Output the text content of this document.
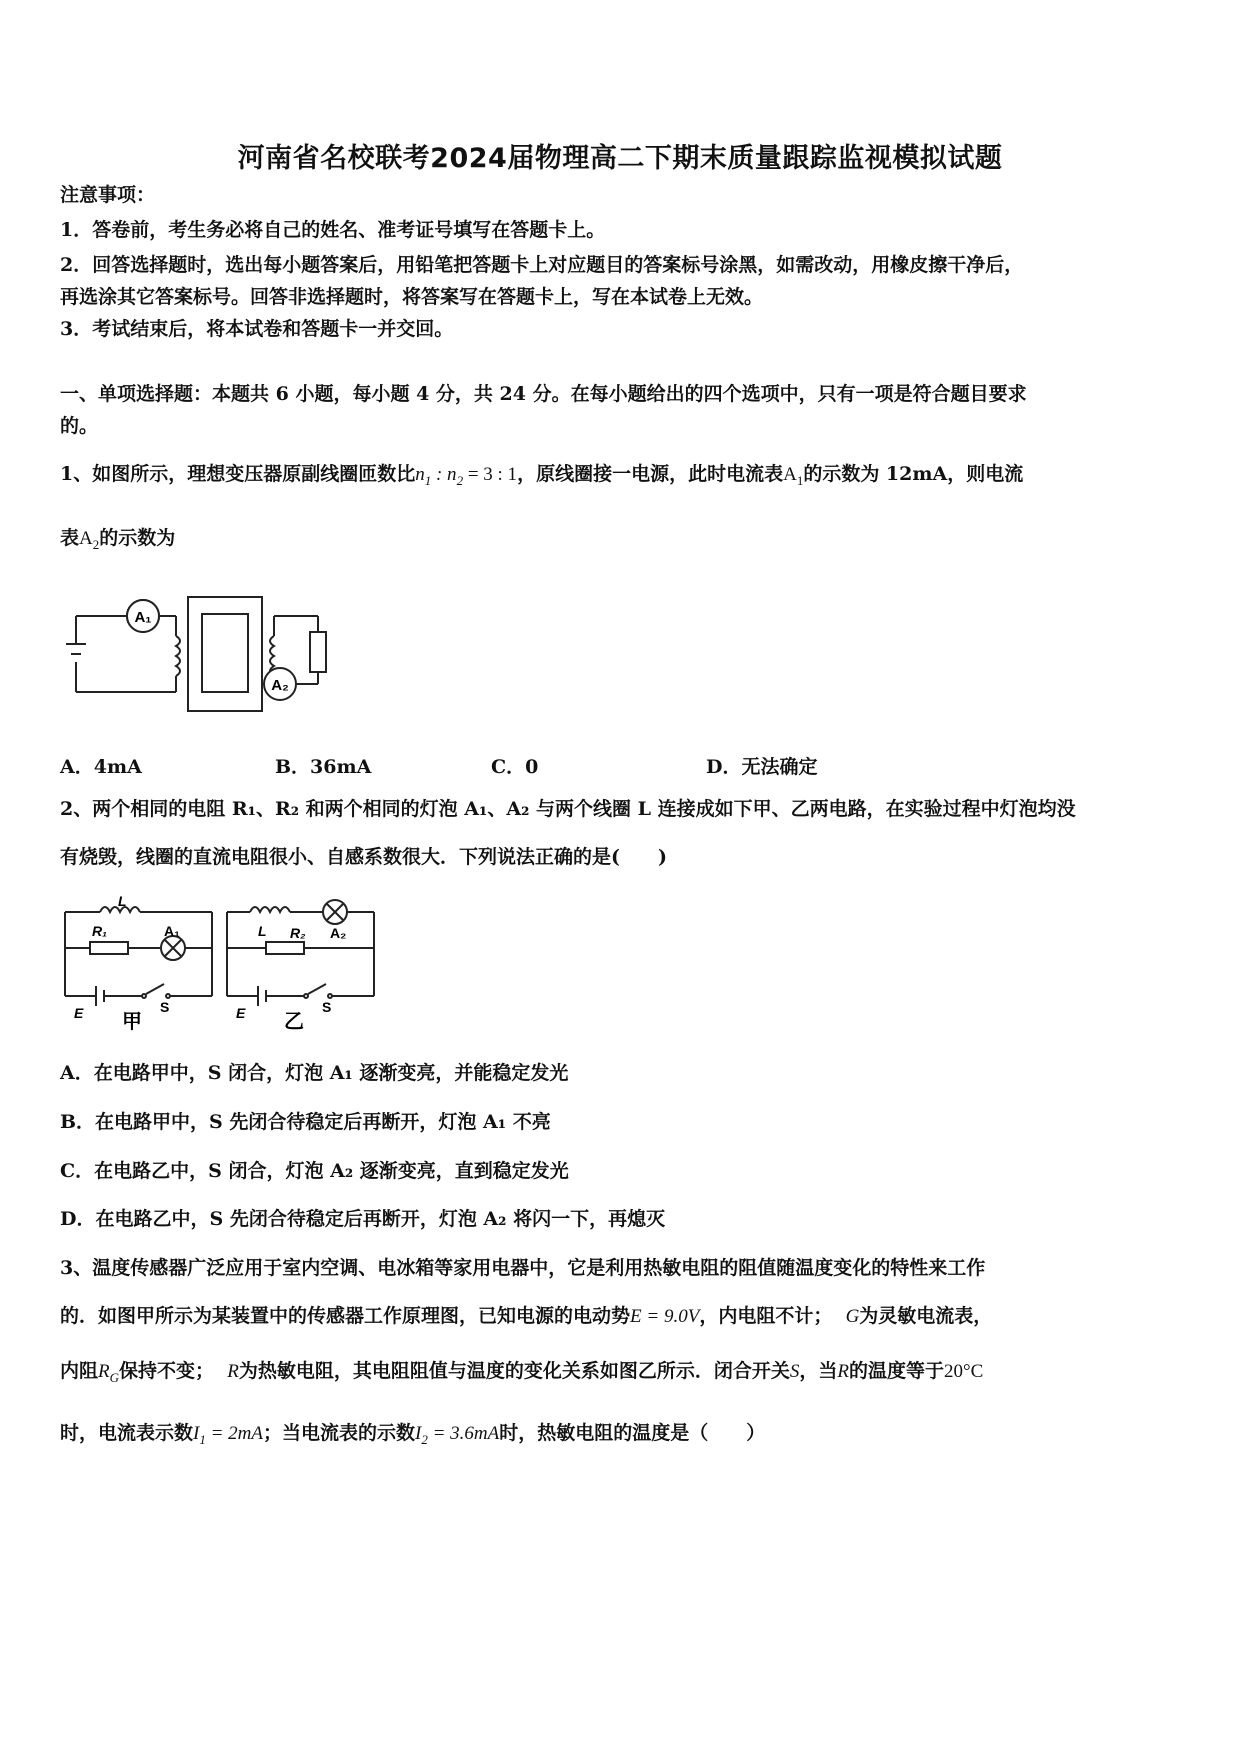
河南省名校联考2024届物理高二下期末质量跟踪监视模拟试题
注意事项：
1．答卷前，考生务必将自己的姓名、准考证号填写在答题卡上。
2．回答选择题时，选出每小题答案后，用铅笔把答题卡上对应题目的答案标号涂黑，如需改动，用橡皮擦干净后，
再选涂其它答案标号。回答非选择题时，将答案写在答题卡上，写在本试卷上无效。
3．考试结束后，将本试卷和答题卡一并交回。
一、单项选择题：本题共 6 小题，每小题 4 分，共 24 分。在每小题给出的四个选项中，只有一项是符合题目要求
的。
1、如图所示，理想变压器原副线圈匝数比$n_1$ : $n_2 = 3$ : 1，原线圈接一电源，此时电流表$A_1$的示数为 12mA，则电流
表$A_2$的示数为
A₁
A₂
A．4mA	B．36mA	C．0	D．无法确定
2、两个相同的电阻 R₁、R₂ 和两个相同的灯泡 A₁、A₂ 与两个线圈 L 连接成如下甲、乙两电路，在实验过程中灯泡均没
有烧毁，线圈的直流电阻很小、自感系数很大．下列说法正确的是(　　)
L
R₁	A₁
E	S
甲
L R₂ A₂
E	S
乙
A．在电路甲中，S 闭合，灯泡 A₁ 逐渐变亮，并能稳定发光
B．在电路甲中，S 先闭合待稳定后再断开，灯泡 A₁ 不亮
C．在电路乙中，S 闭合，灯泡 A₂ 逐渐变亮，直到稳定发光
D．在电路乙中，S 先闭合待稳定后再断开，灯泡 A₂ 将闪一下，再熄灭
3、温度传感器广泛应用于室内空调、电冰箱等家用电器中，它是利用热敏电阻的阻值随温度变化的特性来工作
的．如图甲所示为某装置中的传感器工作原理图，已知电源的电动势E = 9.0V，内电阻不计； G为灵敏电流表，
内阻$R_G$保持不变； R为热敏电阻，其电阻阻值与温度的变化关系如图乙所示．闭合开关S，当R的温度等于20°C
时，电流表示数$I_1 = 2mA$；当电流表的示数$I_2 = 3.6mA$时，热敏电阻的温度是（　　）
